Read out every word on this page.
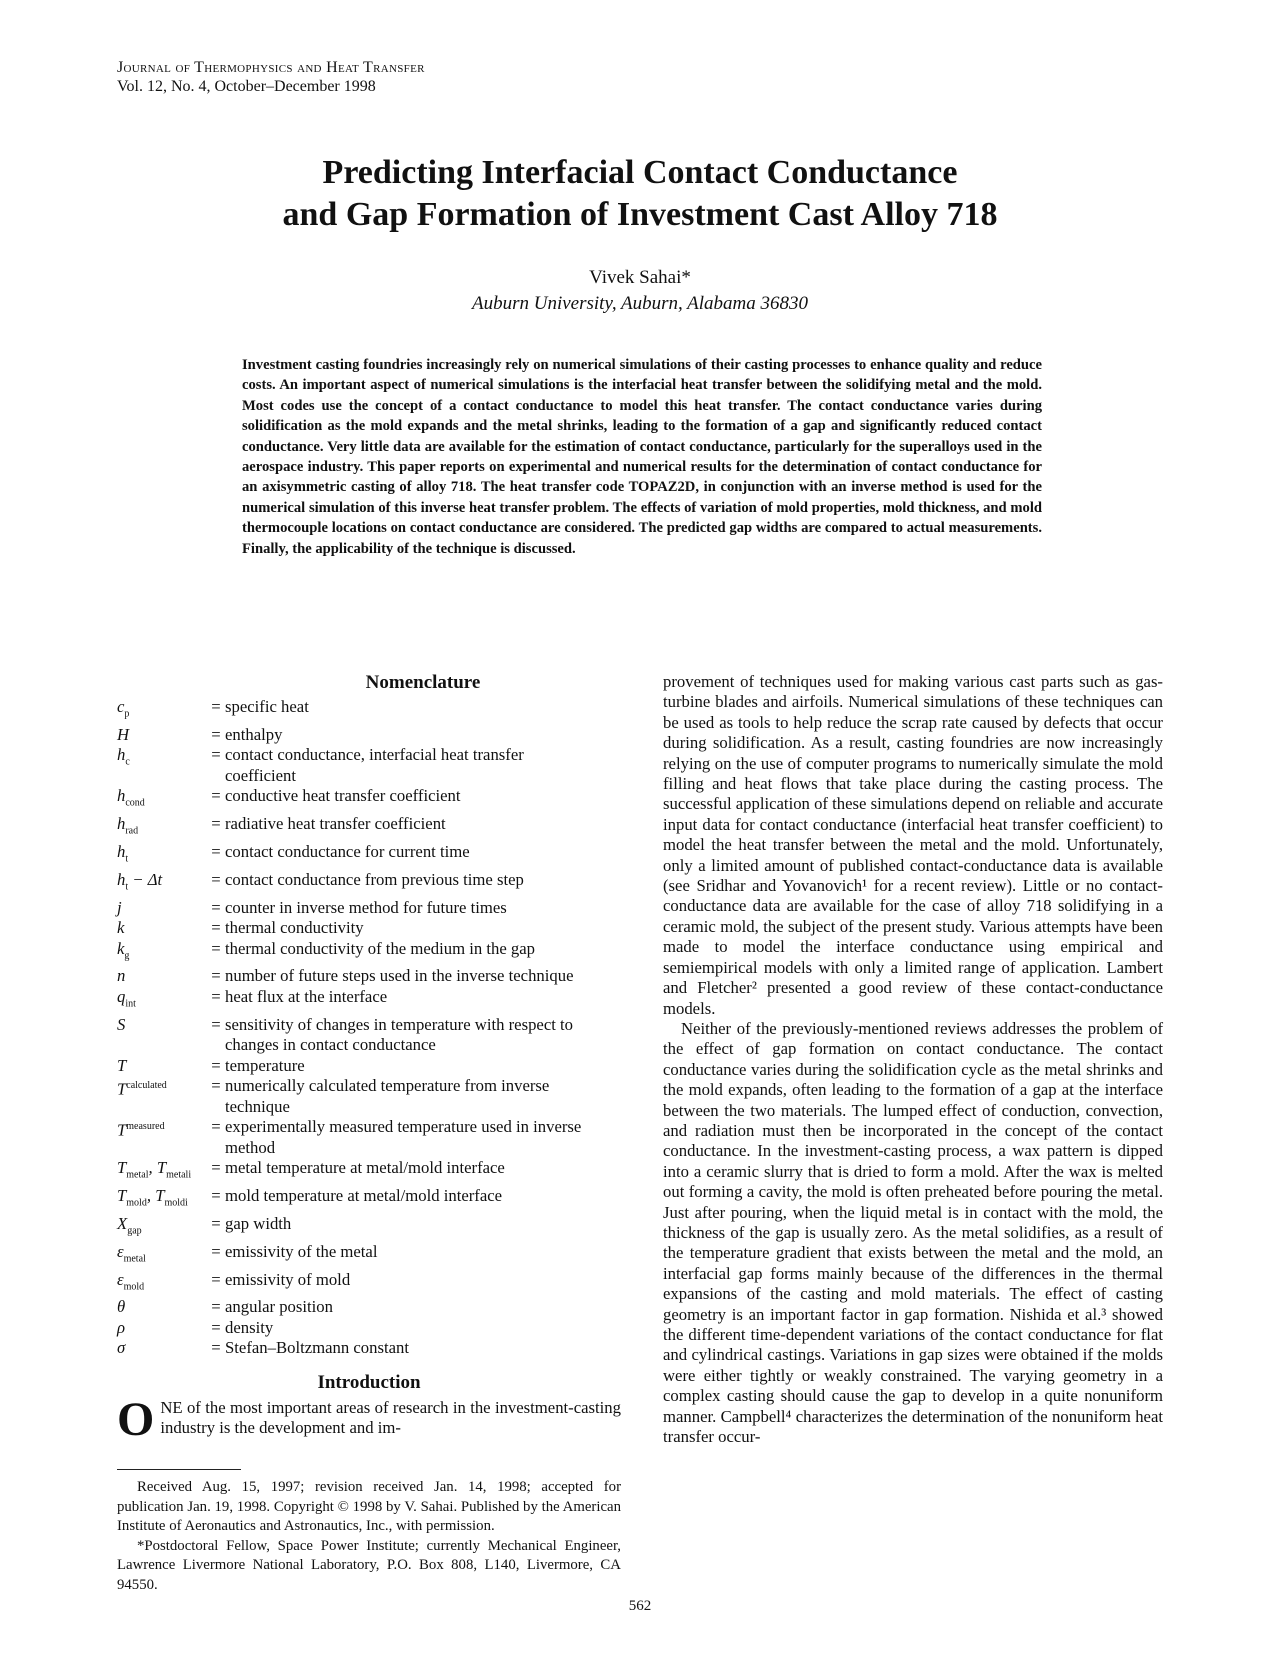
Journal of Thermophysics and Heat Transfer
Vol. 12, No. 4, October–December 1998
Predicting Interfacial Contact Conductance
and Gap Formation of Investment Cast Alloy 718
Vivek Sahai*
Auburn University, Auburn, Alabama 36830
Investment casting foundries increasingly rely on numerical simulations of their casting processes to enhance quality and reduce costs. An important aspect of numerical simulations is the interfacial heat transfer between the solidifying metal and the mold. Most codes use the concept of a contact conductance to model this heat transfer. The contact conductance varies during solidification as the mold expands and the metal shrinks, leading to the formation of a gap and significantly reduced contact conductance. Very little data are available for the estimation of contact conductance, particularly for the superalloys used in the aerospace industry. This paper reports on experimental and numerical results for the determination of contact conductance for an axisymmetric casting of alloy 718. The heat transfer code TOPAZ2D, in conjunction with an inverse method is used for the numerical simulation of this inverse heat transfer problem. The effects of variation of mold properties, mold thickness, and mold thermocouple locations on contact conductance are considered. The predicted gap widths are compared to actual measurements. Finally, the applicability of the technique is discussed.
Nomenclature
$c_p$	= specific heat
H	= enthalpy
$h_c$	= contact conductance, interfacial heat transfer coefficient
$h_{cond}$	= conductive heat transfer coefficient
$h_{rad}$	= radiative heat transfer coefficient
$h_t$	= contact conductance for current time
$h_t - \Delta t$	= contact conductance from previous time step
j	= counter in inverse method for future times
k	= thermal conductivity
$k_g$	= thermal conductivity of the medium in the gap
n	= number of future steps used in the inverse technique
$q_{int}$	= heat flux at the interface
S	= sensitivity of changes in temperature with respect to changes in contact conductance
T	= temperature
$T^{calculated}$	= numerically calculated temperature from inverse technique
$T^{measured}$	= experimentally measured temperature used in inverse method
$T_{metal}$, $T_{metali}$	= metal temperature at metal/mold interface
$T_{mold}$, $T_{moldi}$	= mold temperature at metal/mold interface
$X_{gap}$	= gap width
$\varepsilon_{metal}$	= emissivity of the metal
$\varepsilon_{mold}$	= emissivity of mold
θ	= angular position
ρ	= density
σ	= Stefan–Boltzmann constant
Introduction
O NE of the most important areas of research in the investment-casting industry is the development and im-

Received Aug. 15, 1997; revision received Jan. 14, 1998; accepted for publication Jan. 19, 1998. Copyright © 1998 by V. Sahai. Published by the American Institute of Aeronautics and Astronautics, Inc., with permission.

*Postdoctoral Fellow, Space Power Institute; currently Mechanical Engineer, Lawrence Livermore National Laboratory, P.O. Box 808, L140, Livermore, CA 94550.

provement of techniques used for making various cast parts such as gas-turbine blades and airfoils. Numerical simulations of these techniques can be used as tools to help reduce the scrap rate caused by defects that occur during solidification. As a result, casting foundries are now increasingly relying on the use of computer programs to numerically simulate the mold filling and heat flows that take place during the casting process. The successful application of these simulations depend on reliable and accurate input data for contact conductance (interfacial heat transfer coefficient) to model the heat transfer between the metal and the mold. Unfortunately, only a limited amount of published contact-conductance data is available (see Sridhar and Yovanovich¹ for a recent review). Little or no contact-conductance data are available for the case of alloy 718 solidifying in a ceramic mold, the subject of the present study. Various attempts have been made to model the interface conductance using empirical and semiempirical models with only a limited range of application. Lambert and Fletcher² presented a good review of these contact-conductance models.

Neither of the previously-mentioned reviews addresses the problem of the effect of gap formation on contact conductance. The contact conductance varies during the solidification cycle as the metal shrinks and the mold expands, often leading to the formation of a gap at the interface between the two materials. The lumped effect of conduction, convection, and radiation must then be incorporated in the concept of the contact conductance. In the investment-casting process, a wax pattern is dipped into a ceramic slurry that is dried to form a mold. After the wax is melted out forming a cavity, the mold is often preheated before pouring the metal. Just after pouring, when the liquid metal is in contact with the mold, the thickness of the gap is usually zero. As the metal solidifies, as a result of the temperature gradient that exists between the metal and the mold, an interfacial gap forms mainly because of the differences in the thermal expansions of the casting and mold materials. The effect of casting geometry is an important factor in gap formation. Nishida et al.³ showed the different time-dependent variations of the contact conductance for flat and cylindrical castings. Variations in gap sizes were obtained if the molds were either tightly or weakly constrained. The varying geometry in a complex casting should cause the gap to develop in a quite nonuniform manner. Campbell⁴ characterizes the determination of the nonuniform heat transfer occur-

562
